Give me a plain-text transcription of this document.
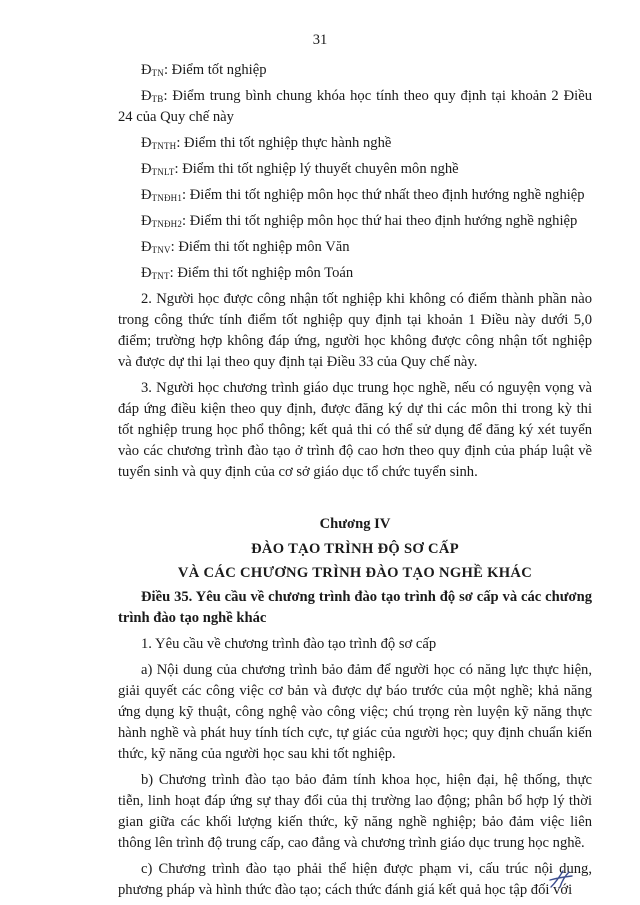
31

$Đ_{TN}$: Điểm tốt nghiệp

$Đ_{TB}$: Điểm trung bình chung khóa học tính theo quy định tại khoản 2 Điều 24 của Quy chế này

$Đ_{TNTH}$: Điểm thi tốt nghiệp thực hành nghề

$Đ_{TNLT}$: Điểm thi tốt nghiệp lý thuyết chuyên môn nghề

$Đ_{TNĐH1}$: Điểm thi tốt nghiệp môn học thứ nhất theo định hướng nghề nghiệp

$Đ_{TNĐH2}$: Điểm thi tốt nghiệp môn học thứ hai theo định hướng nghề nghiệp

$Đ_{TNV}$: Điểm thi tốt nghiệp môn Văn

$Đ_{TNT}$: Điểm thi tốt nghiệp môn Toán

2. Người học được công nhận tốt nghiệp khi không có điểm thành phần nào trong công thức tính điểm tốt nghiệp quy định tại khoản 1 Điều này dưới 5,0 điểm; trường hợp không đáp ứng, người học không được công nhận tốt nghiệp và được dự thi lại theo quy định tại Điều 33 của Quy chế này.

3. Người học chương trình giáo dục trung học nghề, nếu có nguyện vọng và đáp ứng điều kiện theo quy định, được đăng ký dự thi các môn thi trong kỳ thi tốt nghiệp trung học phổ thông; kết quả thi có thể sử dụng để đăng ký xét tuyển vào các chương trình đào tạo ở trình độ cao hơn theo quy định của pháp luật về tuyển sinh và quy định của cơ sở giáo dục tổ chức tuyển sinh.

Chương IV

ĐÀO TẠO TRÌNH ĐỘ SƠ CẤP

VÀ CÁC CHƯƠNG TRÌNH ĐÀO TẠO NGHỀ KHÁC

Điều 35. Yêu cầu về chương trình đào tạo trình độ sơ cấp và các chương trình đào tạo nghề khác

1. Yêu cầu về chương trình đào tạo trình độ sơ cấp

a) Nội dung của chương trình bảo đảm để người học có năng lực thực hiện, giải quyết các công việc cơ bản và được dự báo trước của một nghề; khả năng ứng dụng kỹ thuật, công nghệ vào công việc; chú trọng rèn luyện kỹ năng thực hành nghề và phát huy tính tích cực, tự giác của người học; quy định chuẩn kiến thức, kỹ năng của người học sau khi tốt nghiệp.

b) Chương trình đào tạo bảo đảm tính khoa học, hiện đại, hệ thống, thực tiễn, linh hoạt đáp ứng sự thay đổi của thị trường lao động; phân bổ hợp lý thời gian giữa các khối lượng kiến thức, kỹ năng nghề nghiệp; bảo đảm việc liên thông lên trình độ trung cấp, cao đẳng và chương trình giáo dục trung học nghề.

c) Chương trình đào tạo phải thể hiện được phạm vi, cấu trúc nội dung, phương pháp và hình thức đào tạo; cách thức đánh giá kết quả học tập đối với
